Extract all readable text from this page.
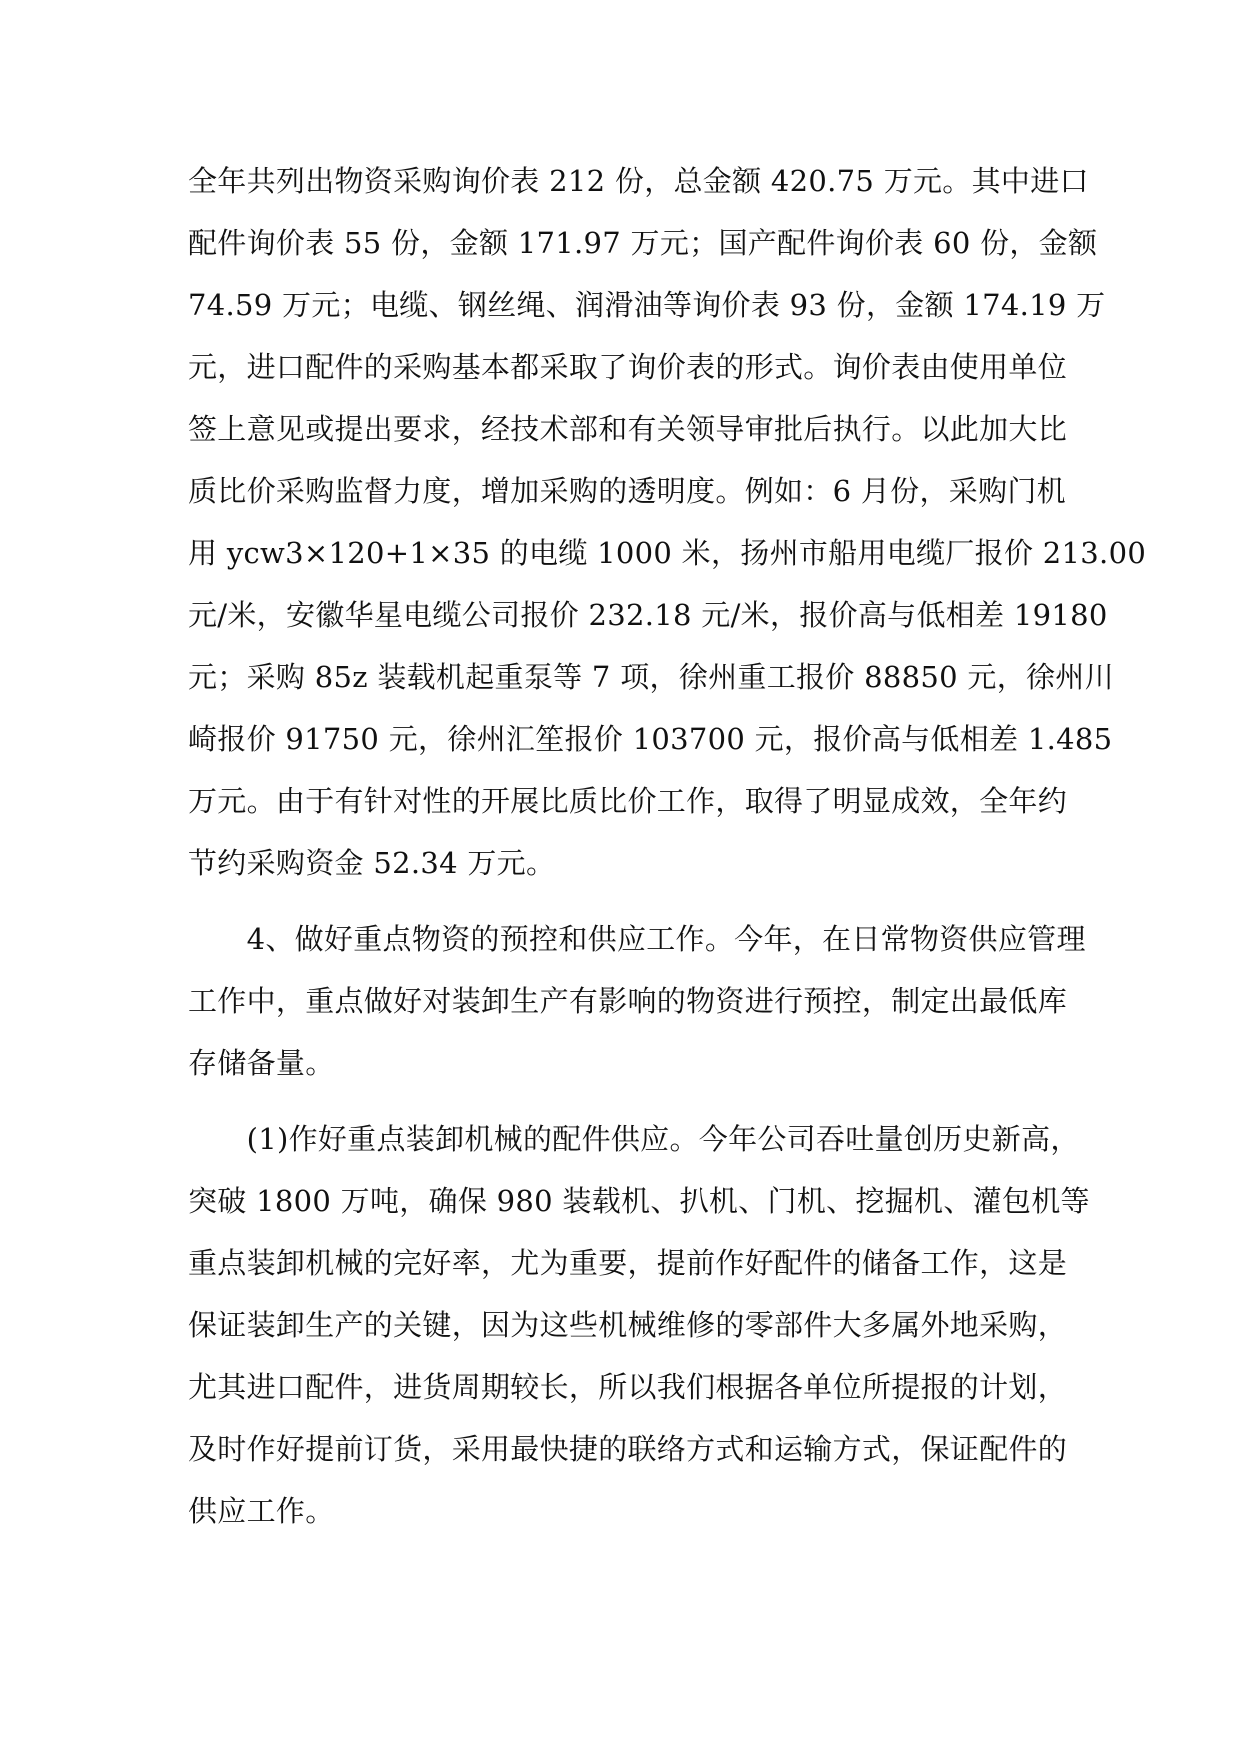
全年共列出物资采购询价表 212 份，总金额 420.75 万元。其中进口
配件询价表 55 份，金额 171.97 万元；国产配件询价表 60 份，金额
74.59 万元；电缆、钢丝绳、润滑油等询价表 93 份，金额 174.19 万
元，进口配件的采购基本都采取了询价表的形式。询价表由使用单位
签上意见或提出要求，经技术部和有关领导审批后执行。以此加大比
质比价采购监督力度，增加采购的透明度。例如：6 月份，采购门机
用 ycw3×120+1×35 的电缆 1000 米，扬州市船用电缆厂报价 213.00
元/米，安徽华星电缆公司报价 232.18 元/米，报价高与低相差 19180
元；采购 85z 装载机起重泵等 7 项，徐州重工报价 88850 元，徐州川
崎报价 91750 元，徐州汇笙报价 103700 元，报价高与低相差 1.485
万元。由于有针对性的开展比质比价工作，取得了明显成效，全年约
节约采购资金 52.34 万元。
　　4、做好重点物资的预控和供应工作。今年，在日常物资供应管理
工作中，重点做好对装卸生产有影响的物资进行预控，制定出最低库
存储备量。
　　(1)作好重点装卸机械的配件供应。今年公司吞吐量创历史新高，
突破 1800 万吨，确保 980 装载机、扒机、门机、挖掘机、灌包机等
重点装卸机械的完好率，尤为重要，提前作好配件的储备工作，这是
保证装卸生产的关键，因为这些机械维修的零部件大多属外地采购，
尤其进口配件，进货周期较长，所以我们根据各单位所提报的计划，
及时作好提前订货，采用最快捷的联络方式和运输方式，保证配件的
供应工作。
